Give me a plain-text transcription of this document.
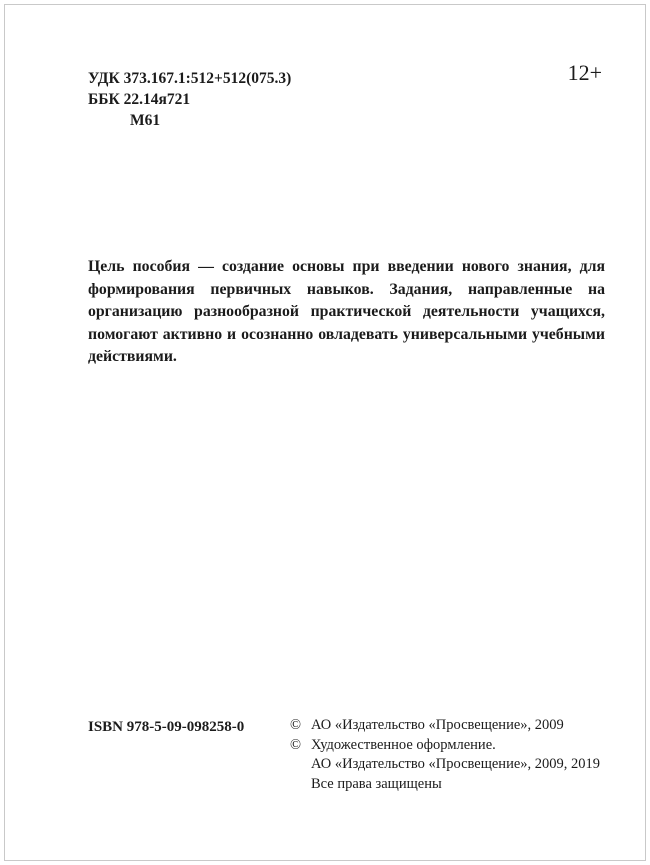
УДК 373.167.1:512+512(075.3)
ББК 22.14я721
М61
12+

Цель пособия — создание основы при введении нового знания, для формирования первичных навыков. Задания, направленные на организацию разнообразной практической деятельности учащихся, помогают активно и осознанно овладевать универсальными учебными действиями.

ISBN 978-5-09-098258-0	© АО «Издательство «Просвещение», 2009
© Художественное оформление.
АО «Издательство «Просвещение», 2009, 2019
Все права защищены
